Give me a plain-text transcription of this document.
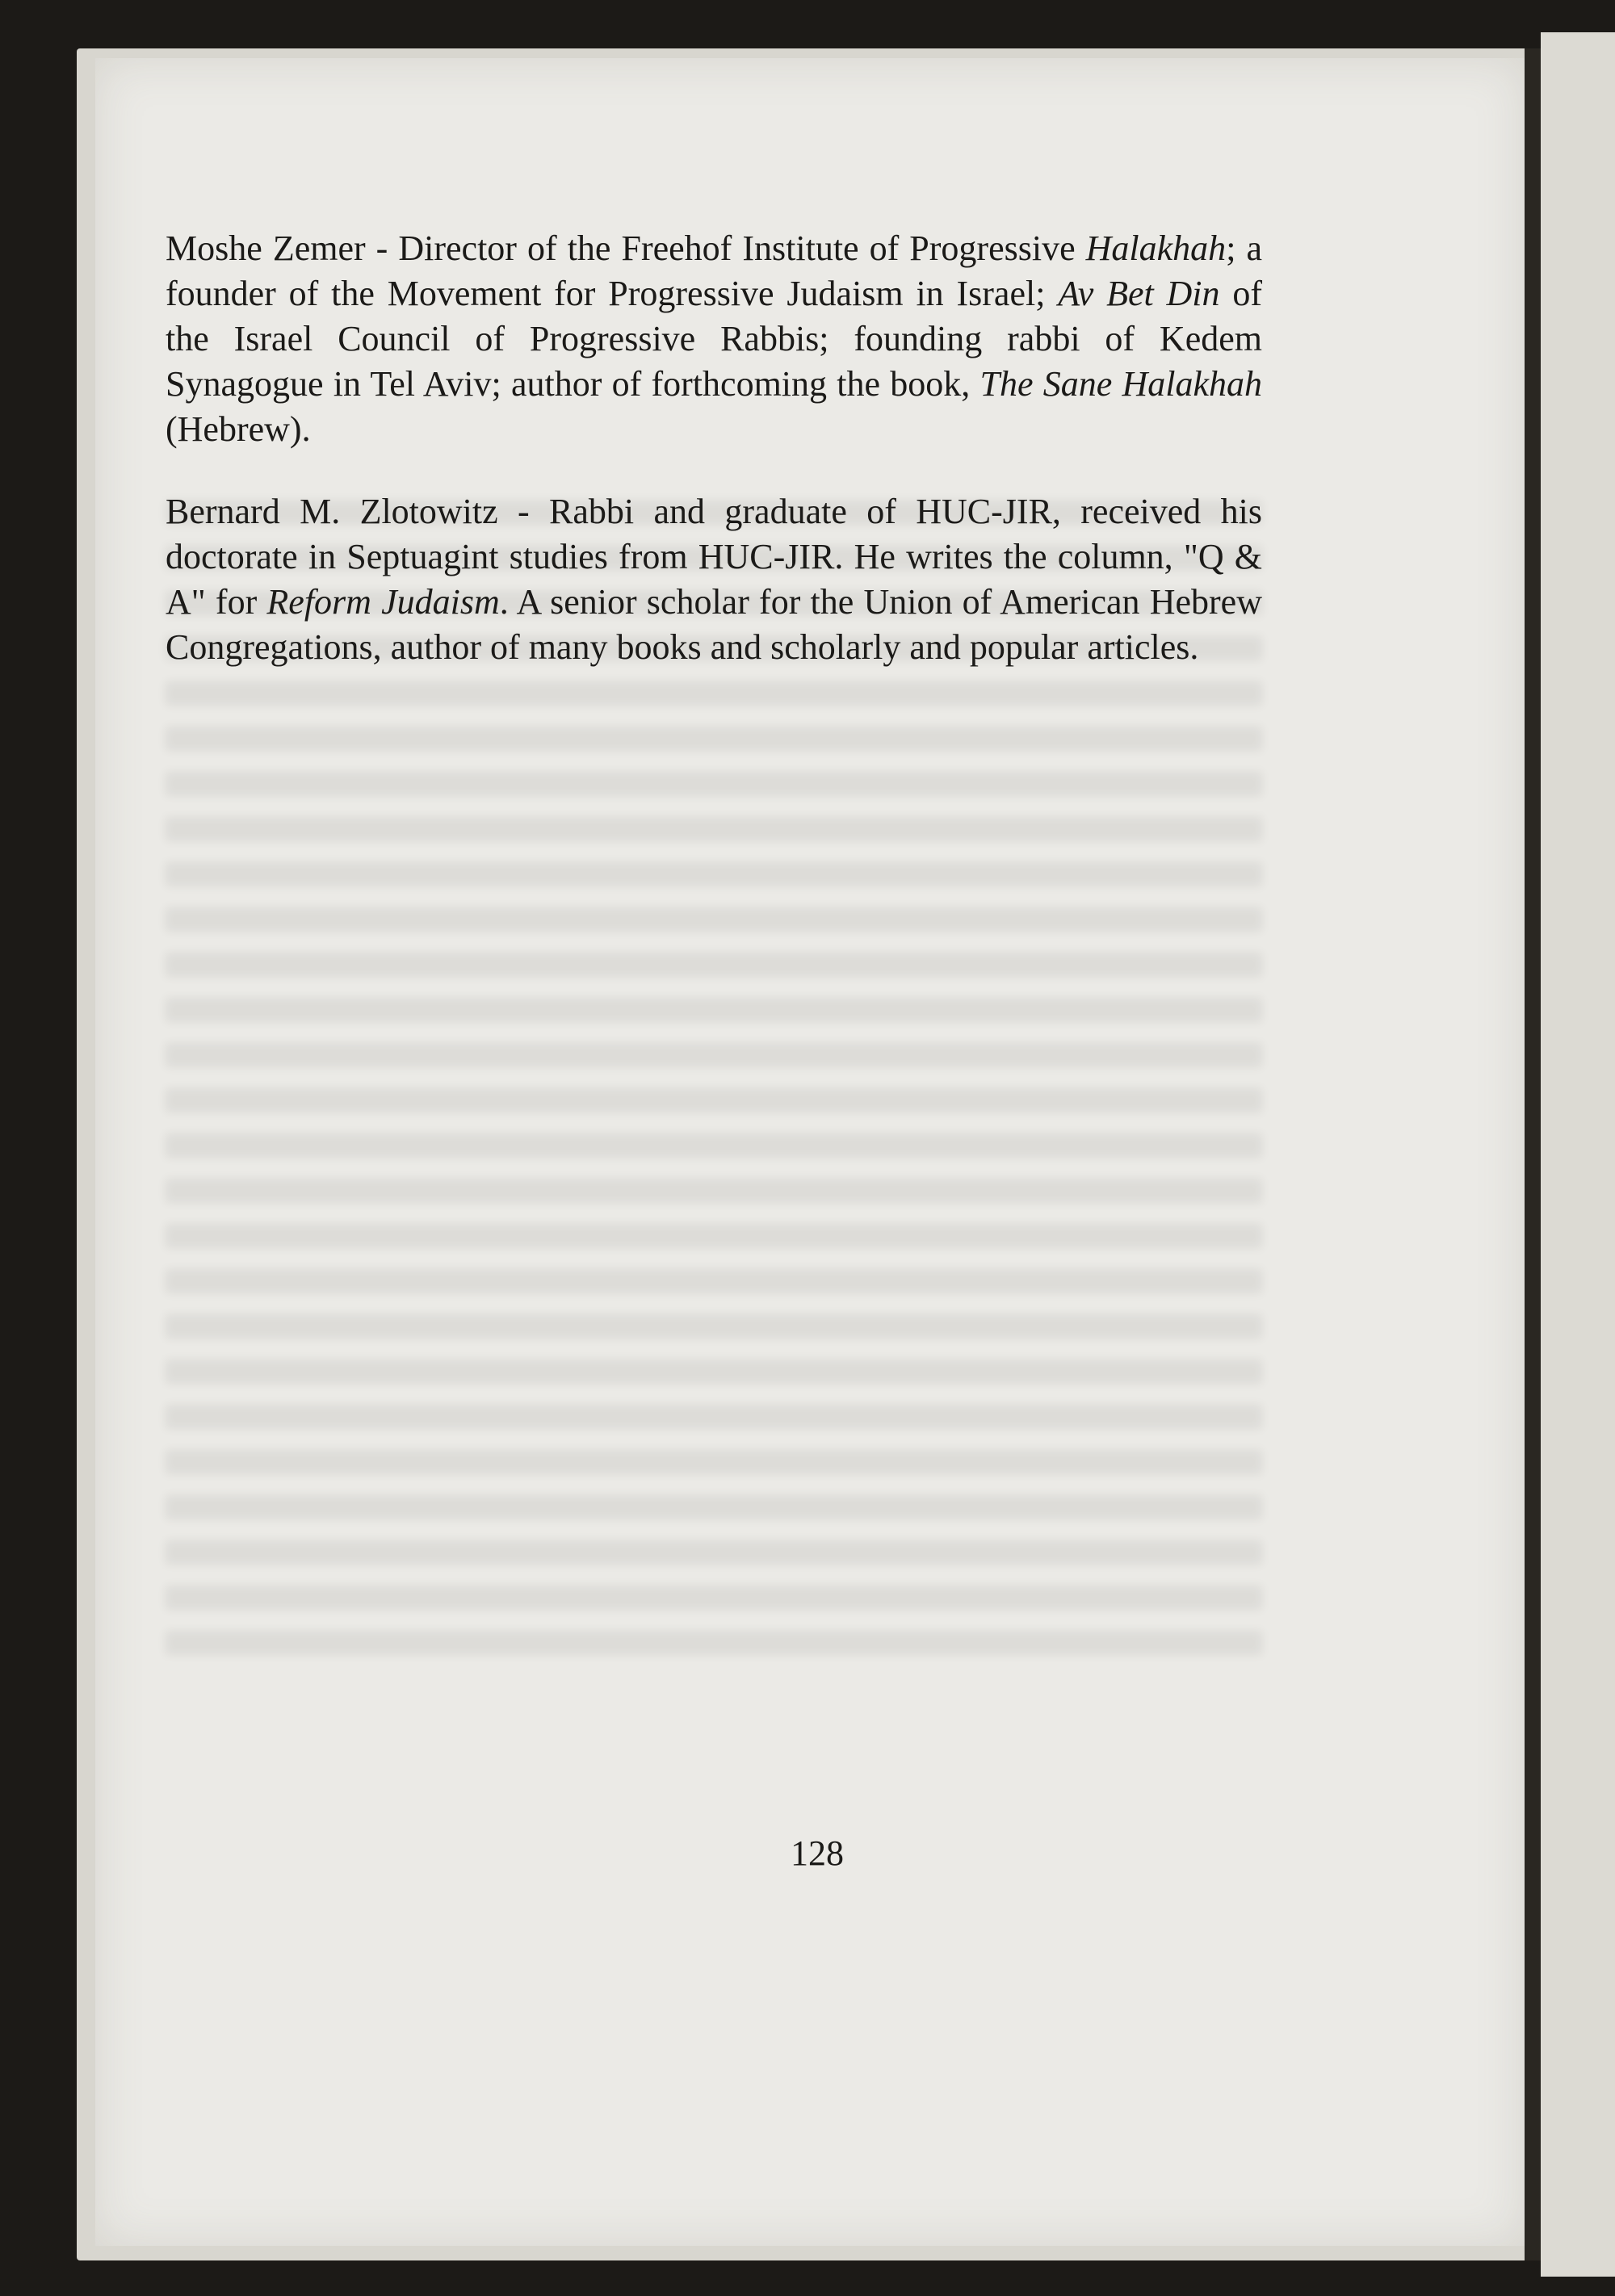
Moshe Zemer - Director of the Freehof Institute of Progressive Halakhah; a founder of the Movement for Progressive Judaism in Israel; Av Bet Din of the Israel Council of Progressive Rabbis; founding rabbi of Kedem Synagogue in Tel Aviv; author of forthcoming the book, The Sane Halakhah (Hebrew).

Bernard M. Zlotowitz - Rabbi and graduate of HUC-JIR, received his doctorate in Septuagint studies from HUC-JIR. He writes the column, "Q & A" for Reform Judaism. A senior scholar for the Union of American Hebrew Congregations, author of many books and scholarly and popular articles.

128
